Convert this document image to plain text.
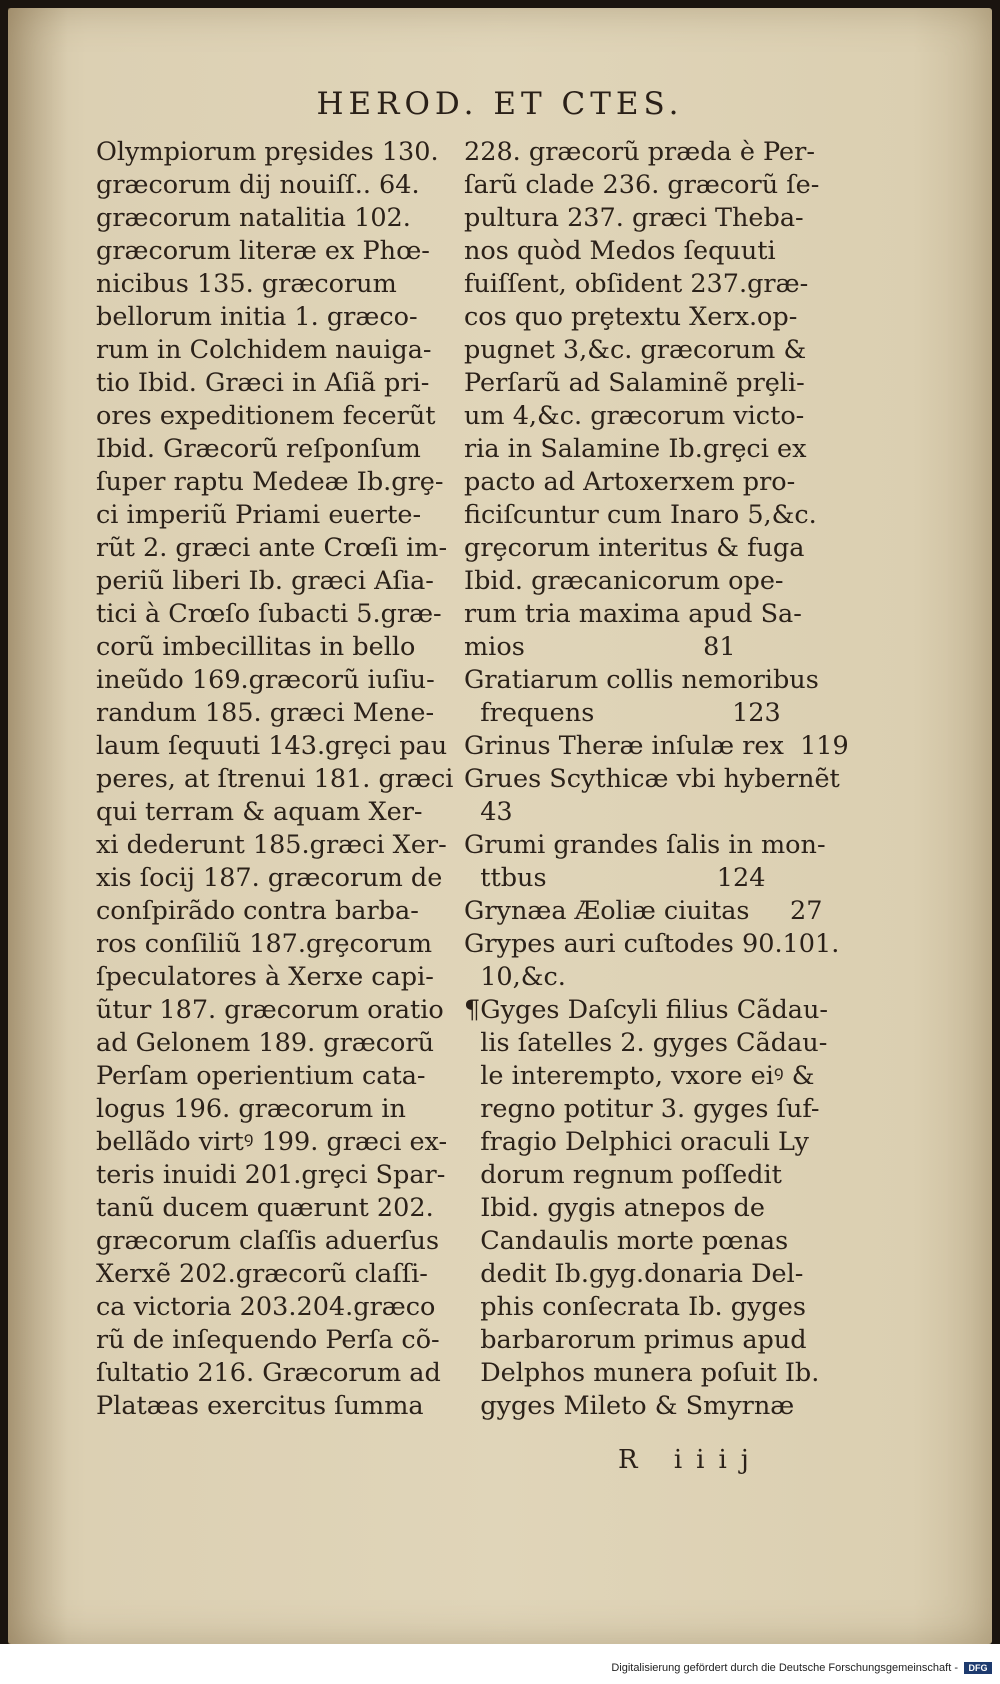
HEROD. ET CTES.
Olympiorum prȩsides 130.
græcorum dij nouiſſ.. 64.
græcorum natalitia 102.
græcorum literæ ex Phœ-
nicibus 135. græcorum
bellorum initia 1. græco-
rum in Colchidem nauiga-
tio Ibid. Græci in Aſiã pri-
ores expeditionem fecerũt
Ibid. Græcorũ reſponſum
ſuper raptu Medeæ Ib.grȩ-
ci imperiũ Priami euerte-
rũt 2. græci ante Crœſi im-
periũ liberi Ib. græci Aſia-
tici à Crœſo ſubacti 5.græ-
corũ imbecillitas in bello
ineũdo 169.græcorũ iuſiu-
randum 185. græci Mene-
laum ſequuti 143.grȩci pau
peres, at ſtrenui 181. græci
qui terram & aquam Xer-
xi dederunt 185.græci Xer-
xis ſocij 187. græcorum de
conſpirãdo contra barba-
ros conſiliũ 187.grȩcorum
ſpeculatores à Xerxe capi-
ũtur 187. græcorum oratio
ad Gelonem 189. græcorũ
Perſam operientium cata-
logus 196. græcorum in
bellãdo virtꝰ 199. græci ex-
teris inuidi 201.grȩci Spar-
tanũ ducem quærunt 202.
græcorum claſſis aduerſus
Xerxẽ 202.græcorũ claſſi-
ca victoria 203.204.græco
rũ de inſequendo Perſa cõ-
ſultatio 216. Græcorum ad
Platæas exercitus ſumma
228. græcorũ præda è Per-
ſarũ clade 236. græcorũ ſe-
pultura 237. græci Theba-
nos quòd Medos ſequuti
fuiſſent, obſident 237.græ-
cos quo prȩtextu Xerx.op-
pugnet 3,&c. græcorum &
Perſarũ ad Salaminẽ prȩli-
um 4,&c. græcorum victo-
ria in Salamine Ib.grȩci ex
pacto ad Artoxerxem pro-
ficiſcuntur cum Inaro 5,&c.
grȩcorum interitus & fuga
Ibid. græcanicorum ope-
rum tria maxima apud Sa-
mios                      81
Gratiarum collis nemoribus
frequens                 123
Grinus Theræ inſulæ rex  119
Grues Scythicæ vbi hybernẽt
43
Grumi grandes ſalis in mon-
ttbus                     124
Grynæa Æoliæ ciuitas     27
Grypes auri cuſtodes 90.101.
10,&c.
¶Gyges Daſcyli filius Cãdau-
lis ſatelles 2. gyges Cãdau-
le interempto, vxore eiꝰ &
regno potitur 3. gyges ſuf-
fragio Delphici oraculi Ly
dorum regnum poſſedit
Ibid. gygis atnepos de
Candaulis morte pœnas
dedit Ib.gyg.donaria Del-
phis conſecrata Ib. gyges
barbarorum primus apud
Delphos munera poſuit Ib.
gyges Mileto & Smyrnæ
R iiij
Digitalisierung gefördert durch die Deutsche Forschungsgemeinschaft -	DFG
